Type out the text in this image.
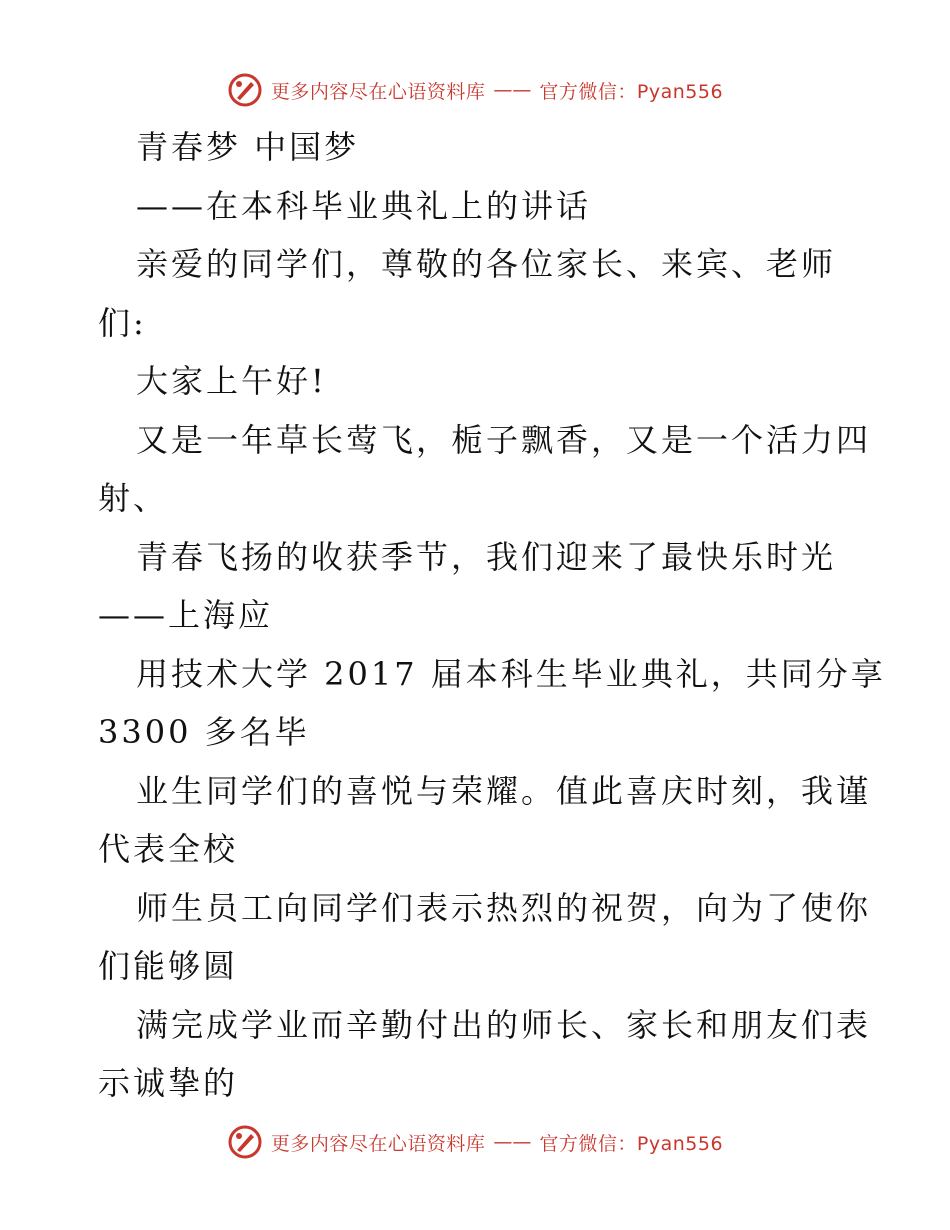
更多内容尽在心语资料库 —— 官方微信：Pyan556
青春梦 中国梦
——在本科毕业典礼上的讲话
亲爱的同学们，尊敬的各位家长、来宾、老师
们:
大家上午好!
又是一年草长莺飞，栀子飘香，又是一个活力四
射、
青春飞扬的收获季节，我们迎来了最快乐时光
——上海应
用技术大学 2017 届本科生毕业典礼，共同分享
3300 多名毕
业生同学们的喜悦与荣耀。值此喜庆时刻，我谨
代表全校
师生员工向同学们表示热烈的祝贺，向为了使你
们能够圆
满完成学业而辛勤付出的师长、家长和朋友们表
示诚挚的
更多内容尽在心语资料库 —— 官方微信：Pyan556
